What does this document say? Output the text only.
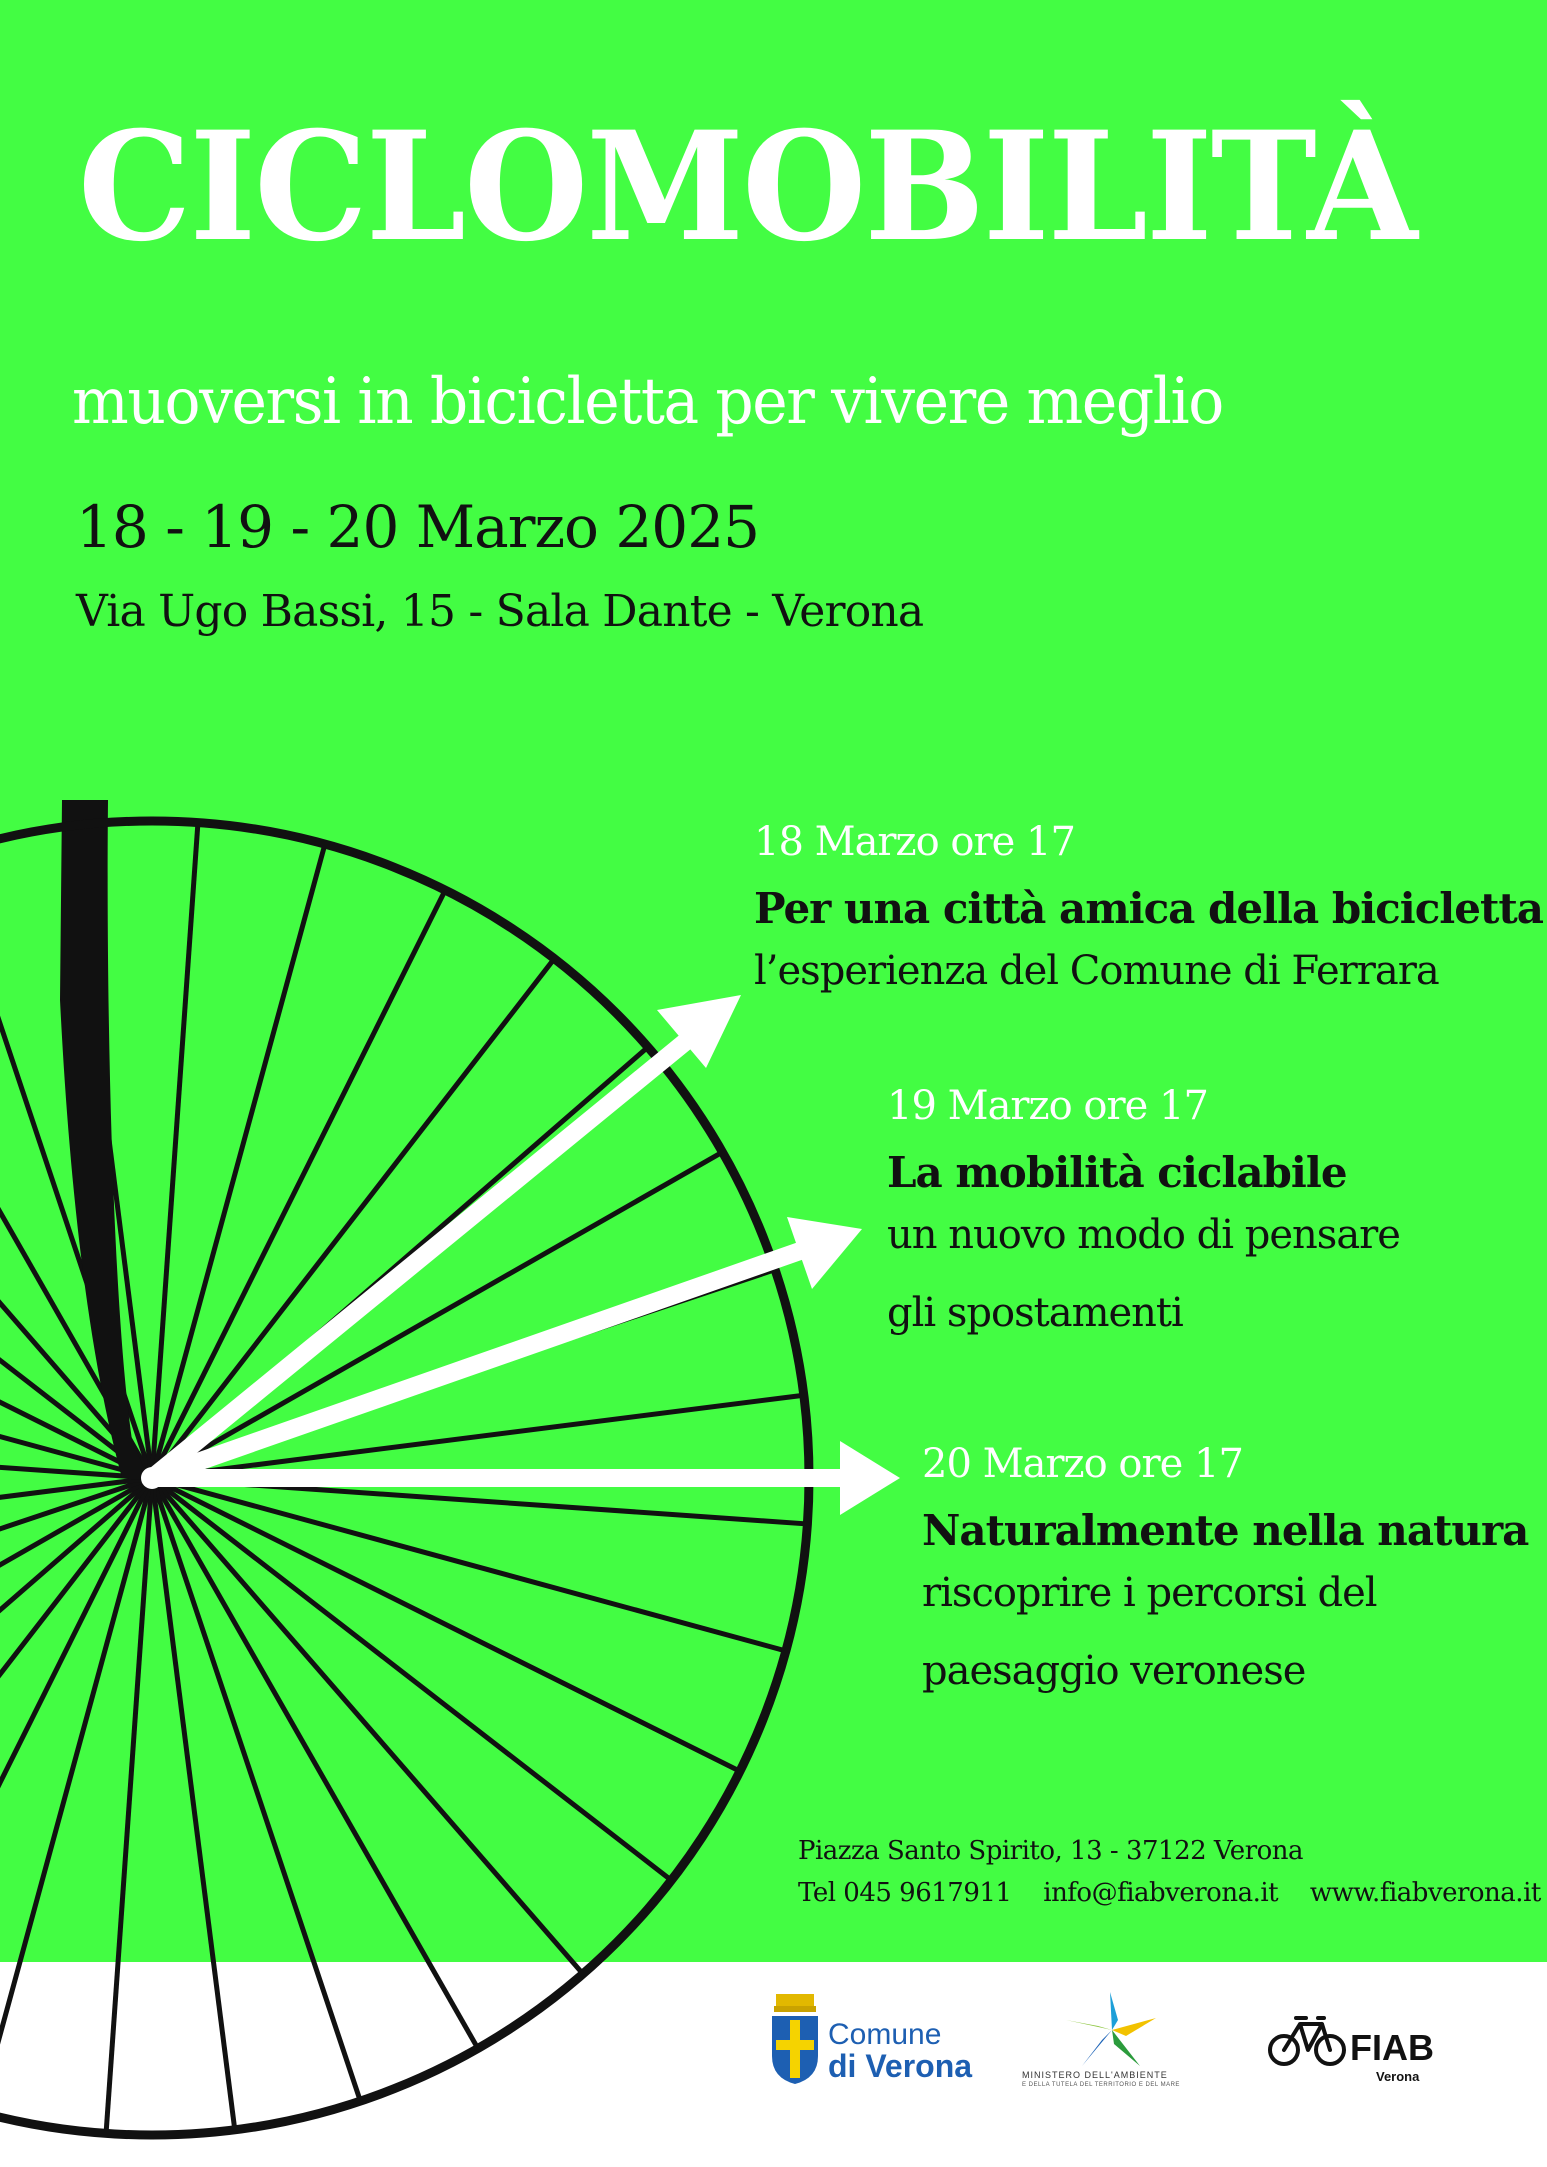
CICLOMOBILITÀ
muoversi in bicicletta per vivere meglio
18 - 19 - 20 Marzo 2025
Via Ugo Bassi, 15 - Sala Dante - Verona
18 Marzo ore 17
Per una città amica della bicicletta
l’esperienza del Comune di Ferrara
19 Marzo ore 17
La mobilità ciclabile
un nuovo modo di pensare gli spostamenti
20 Marzo ore 17
Naturalmente nella natura
riscoprire i percorsi del paesaggio veronese
Piazza Santo Spirito, 13 - 37122 Verona
Tel 045 9617911 info@fiabverona.it www.fiabverona.it
Comune
di Verona	MINISTERO DELL'AMBIENTE
E DELLA TUTELA DEL TERRITORIO E DEL MARE
FIAB
Verona
